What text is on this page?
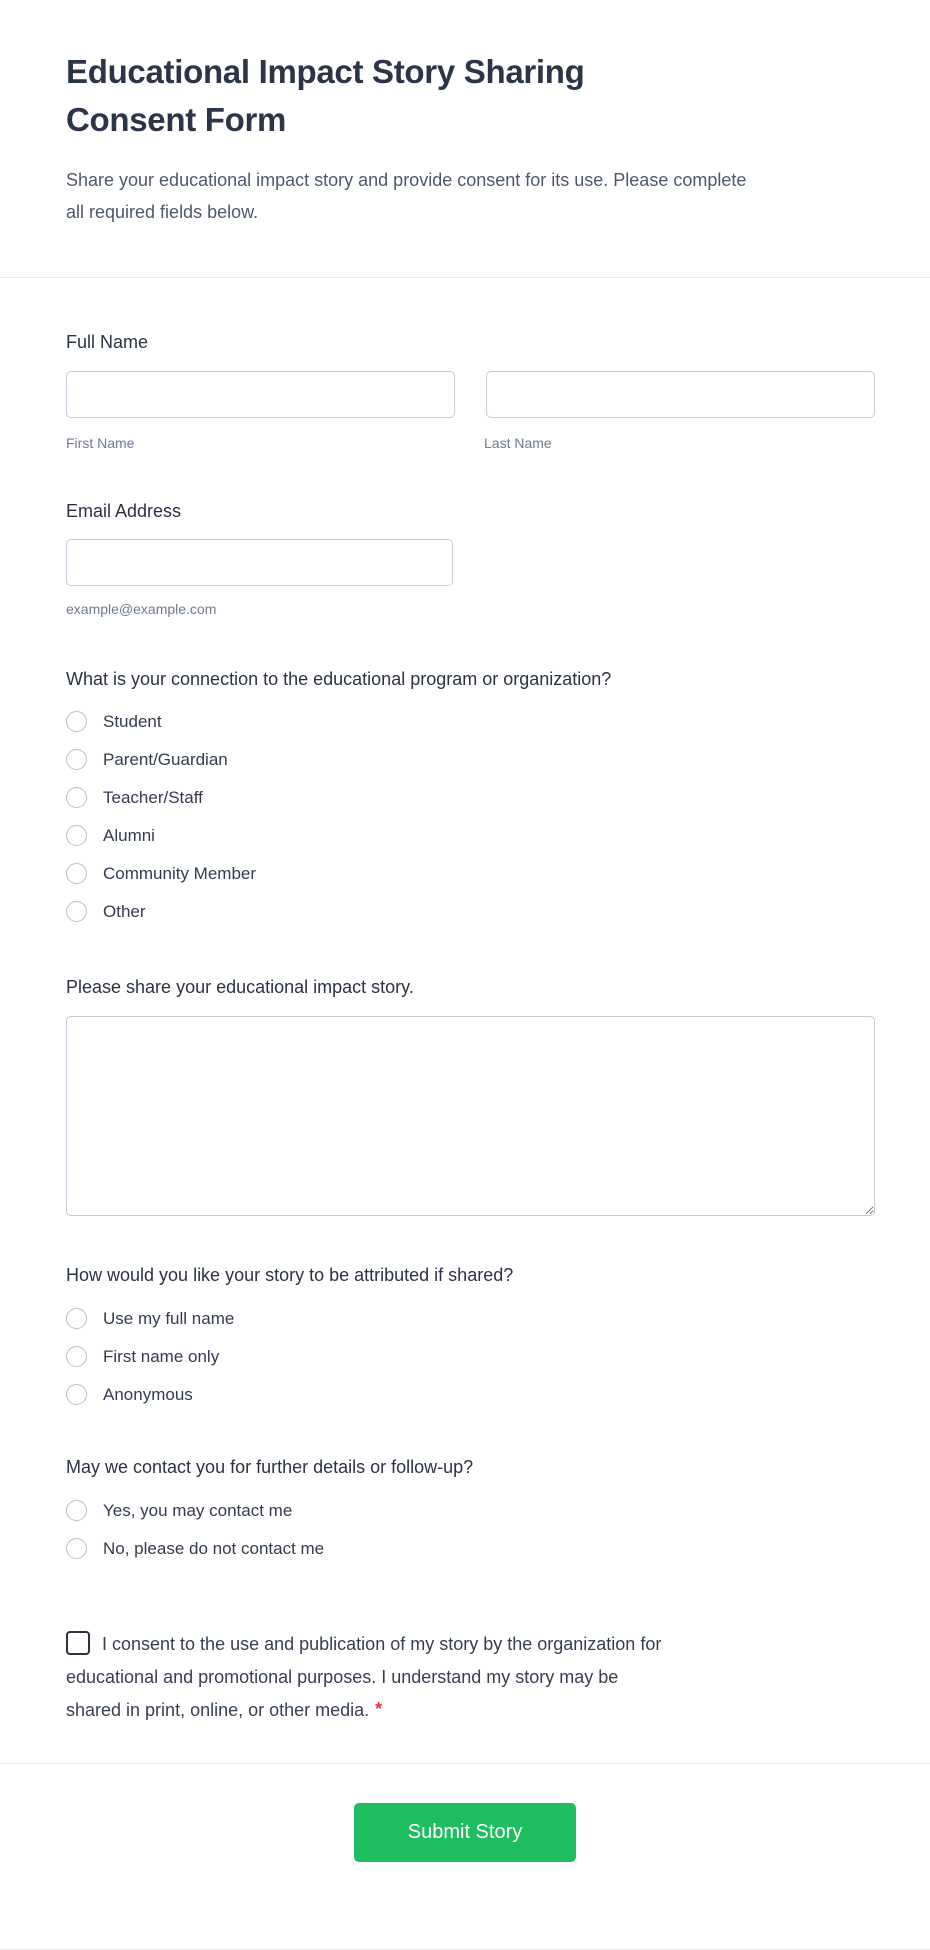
Educational Impact Story Sharing Consent Form
Share your educational impact story and provide consent for its use. Please complete all required fields below.
Full Name
First Name	Last Name
Email Address
example@example.com
What is your connection to the educational program or organization?
Student
Parent/Guardian
Teacher/Staff
Alumni
Community Member
Other
Please share your educational impact story.
How would you like your story to be attributed if shared?
Use my full name
First name only
Anonymous
May we contact you for further details or follow-up?
Yes, you may contact me
No, please do not contact me
I consent to the use and publication of my story by the organization for
educational and promotional purposes. I understand my story may be
shared in print, online, or other media. *
Submit Story
